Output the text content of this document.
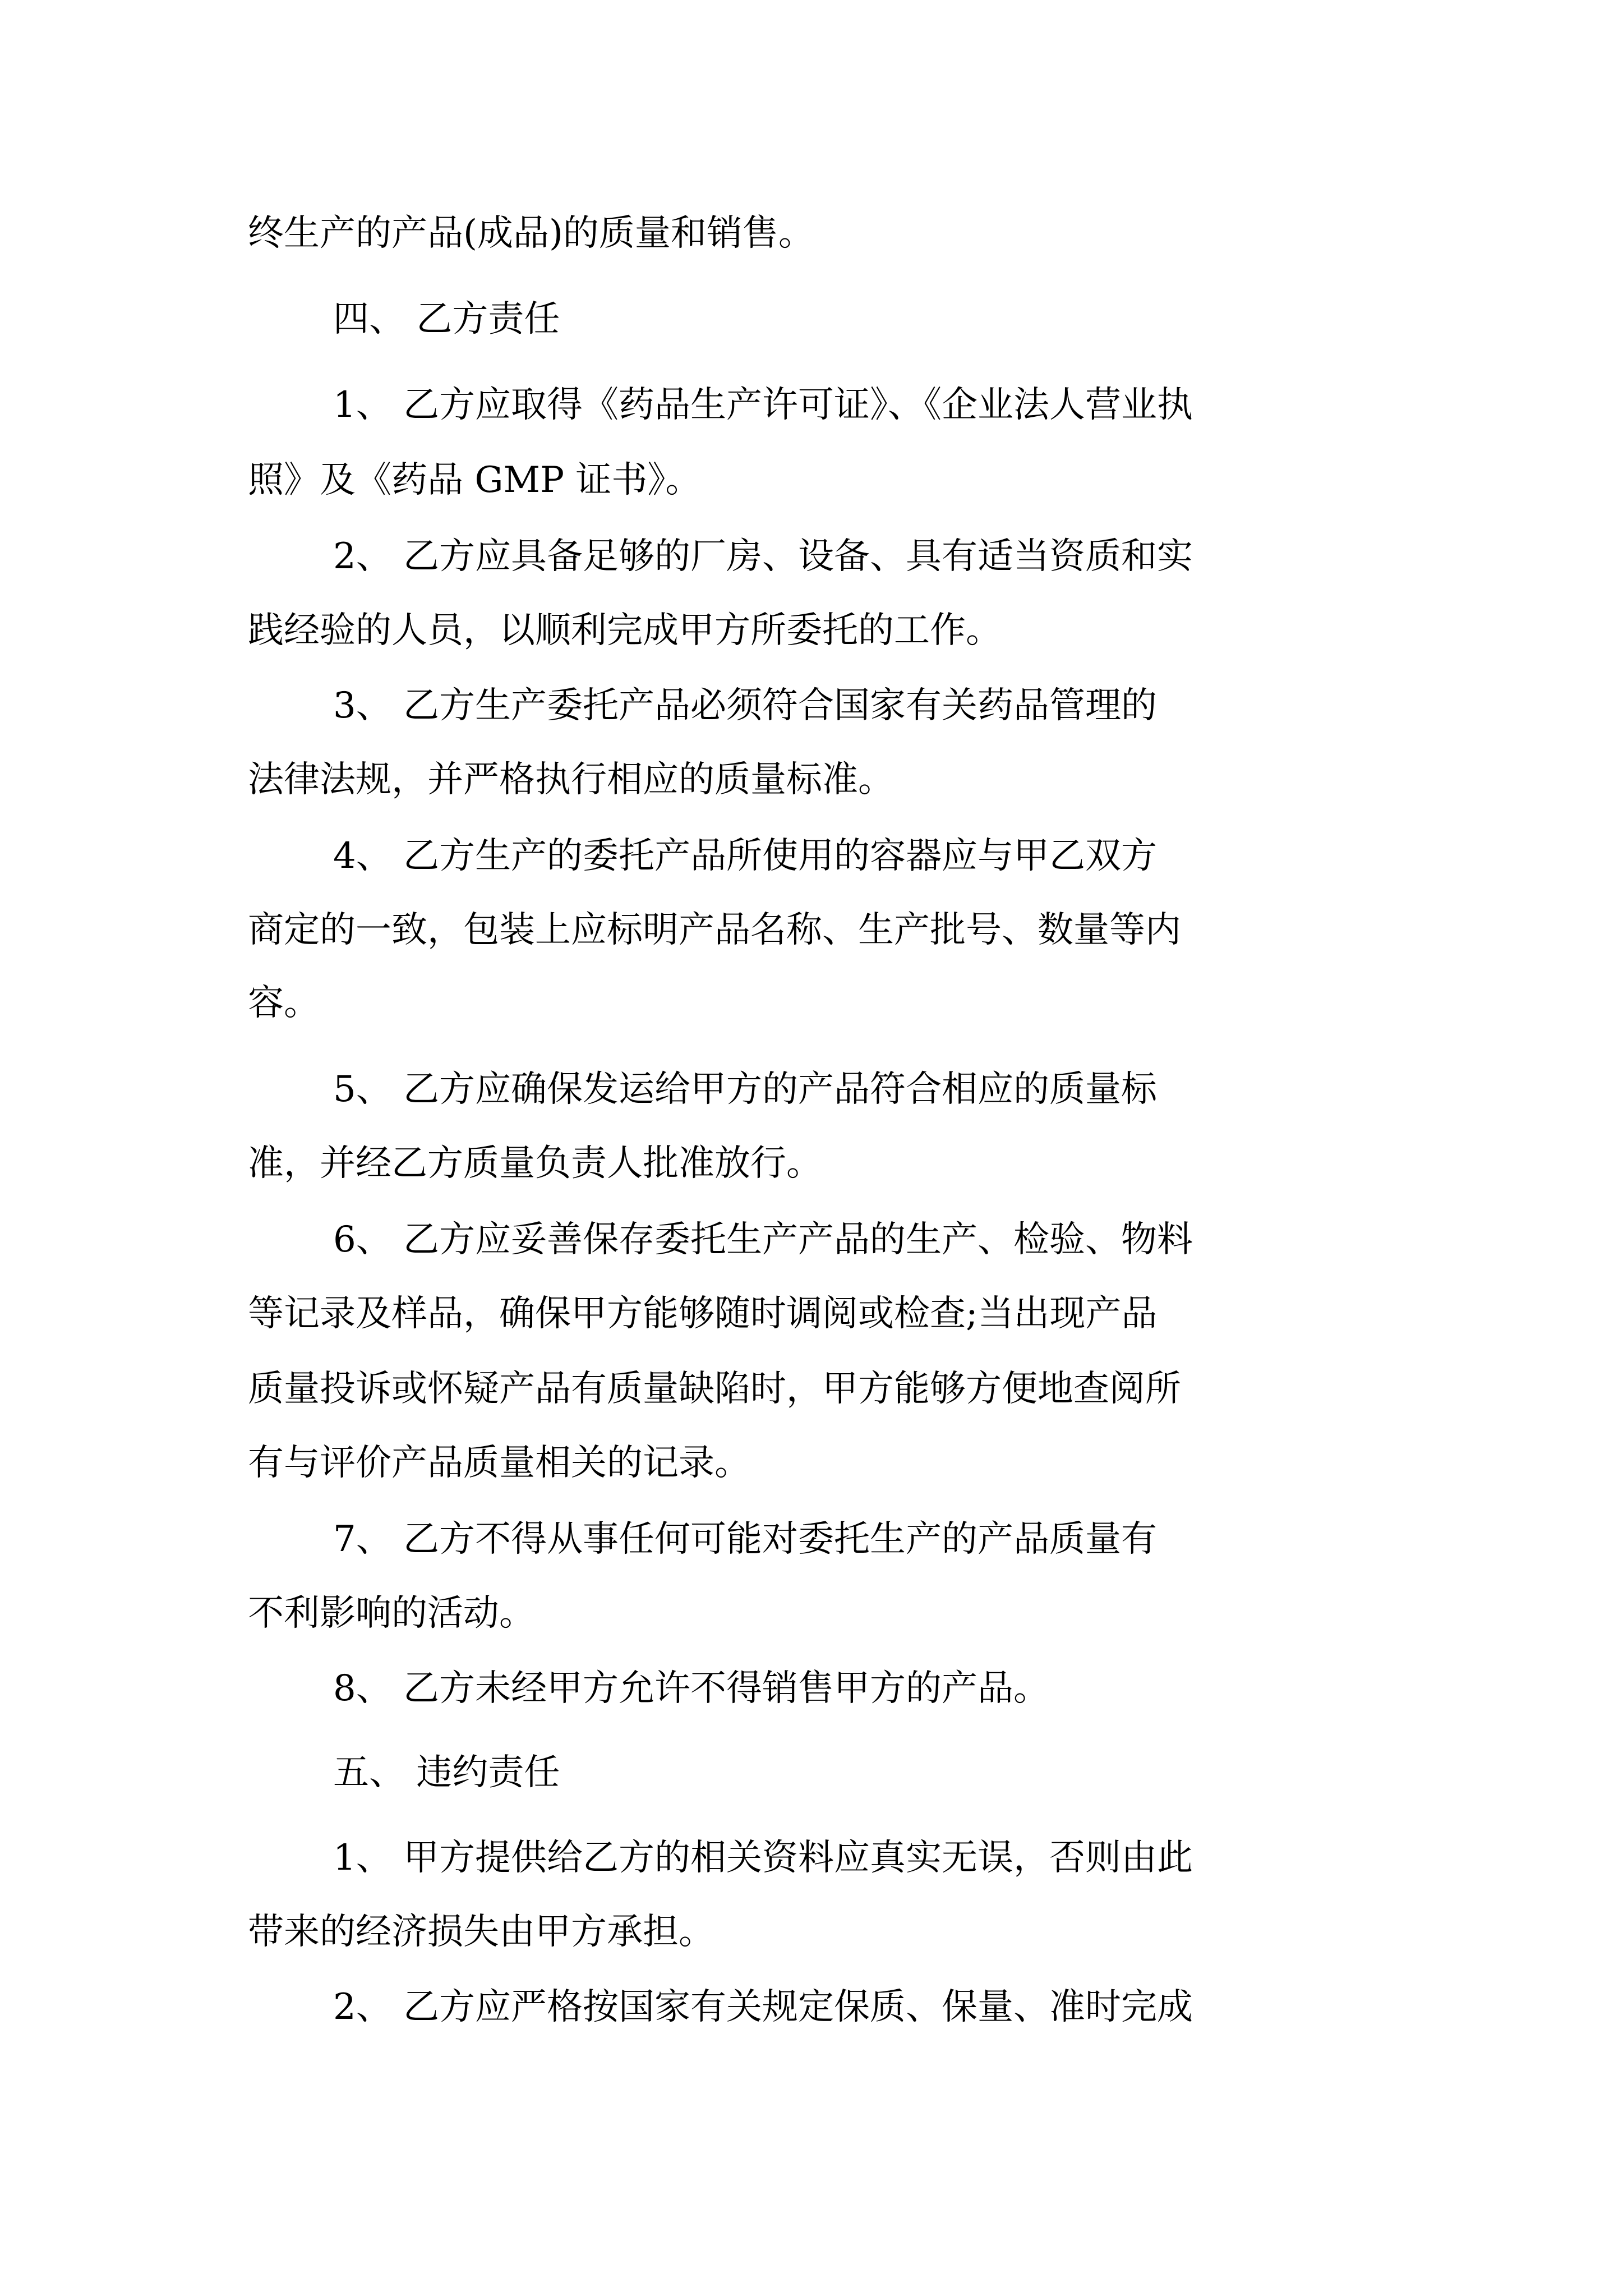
终生产的产品(成品)的质量和销售。
四、 乙方责任
1、 乙方应取得《药品生产许可证》、《企业法人营业执
照》及《药品 GMP 证书》。
2、 乙方应具备足够的厂房、设备、具有适当资质和实
践经验的人员，以顺利完成甲方所委托的工作。
3、 乙方生产委托产品必须符合国家有关药品管理的
法律法规，并严格执行相应的质量标准。
4、 乙方生产的委托产品所使用的容器应与甲乙双方
商定的一致，包装上应标明产品名称、生产批号、数量等内
容。
5、 乙方应确保发运给甲方的产品符合相应的质量标
准，并经乙方质量负责人批准放行。
6、 乙方应妥善保存委托生产产品的生产、检验、物料
等记录及样品，确保甲方能够随时调阅或检查;当出现产品
质量投诉或怀疑产品有质量缺陷时，甲方能够方便地查阅所
有与评价产品质量相关的记录。
7、 乙方不得从事任何可能对委托生产的产品质量有
不利影响的活动。
8、 乙方未经甲方允许不得销售甲方的产品。
五、 违约责任
1、 甲方提供给乙方的相关资料应真实无误，否则由此
带来的经济损失由甲方承担。
2、 乙方应严格按国家有关规定保质、保量、准时完成
